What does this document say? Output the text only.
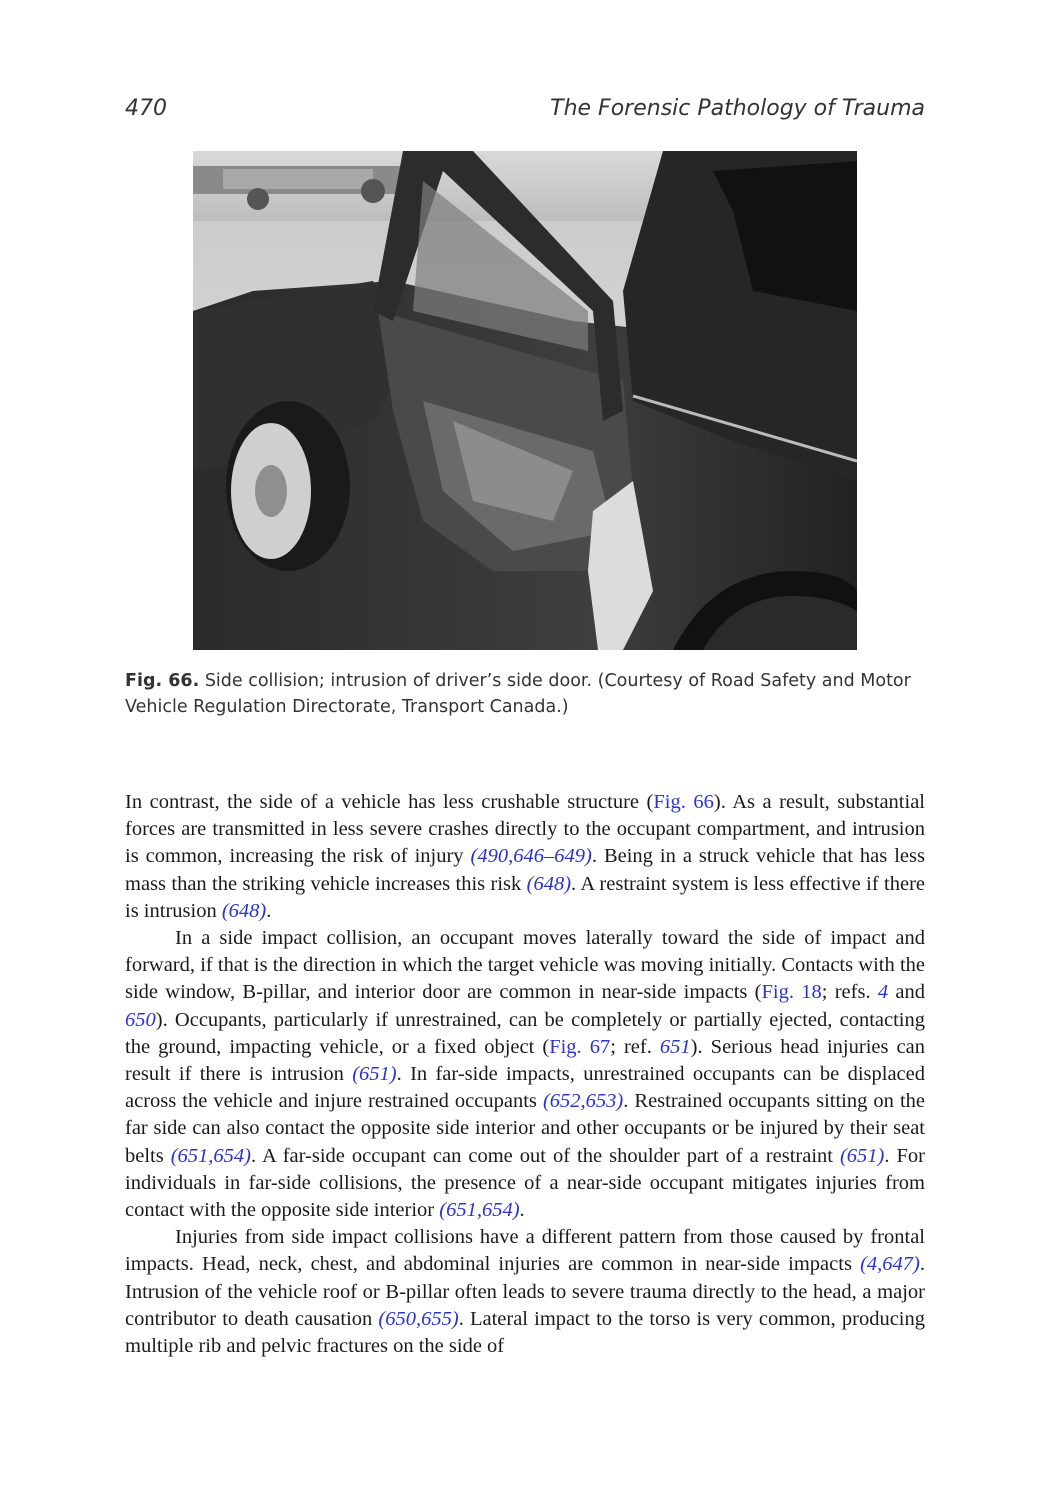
470	The Forensic Pathology of Trauma
Fig. 66. Side collision; intrusion of driver’s side door. (Courtesy of Road Safety and Motor Vehicle Regulation Directorate, Transport Canada.)

In contrast, the side of a vehicle has less crushable structure (Fig. 66). As a result, substantial forces are transmitted in less severe crashes directly to the occupant compartment, and intrusion is common, increasing the risk of injury (490,646–649). Being in a struck vehicle that has less mass than the striking vehicle increases this risk (648). A restraint system is less effective if there is intrusion (648).

In a side impact collision, an occupant moves laterally toward the side of impact and forward, if that is the direction in which the target vehicle was moving initially. Contacts with the side window, B-pillar, and interior door are common in near-side impacts (Fig. 18; refs. 4 and 650). Occupants, particularly if unrestrained, can be completely or partially ejected, contacting the ground, impacting vehicle, or a fixed object (Fig. 67; ref. 651). Serious head injuries can result if there is intrusion (651). In far-side impacts, unrestrained occupants can be displaced across the vehicle and injure restrained occupants (652,653). Restrained occupants sitting on the far side can also contact the opposite side interior and other occupants or be injured by their seat belts (651,654). A far-side occupant can come out of the shoulder part of a restraint (651). For individuals in far-side collisions, the presence of a near-side occupant mitigates injuries from contact with the opposite side interior (651,654).

Injuries from side impact collisions have a different pattern from those caused by frontal impacts. Head, neck, chest, and abdominal injuries are common in near-side impacts (4,647). Intrusion of the vehicle roof or B-pillar often leads to severe trauma directly to the head, a major contributor to death causation (650,655). Lateral impact to the torso is very common, producing multiple rib and pelvic fractures on the side of
